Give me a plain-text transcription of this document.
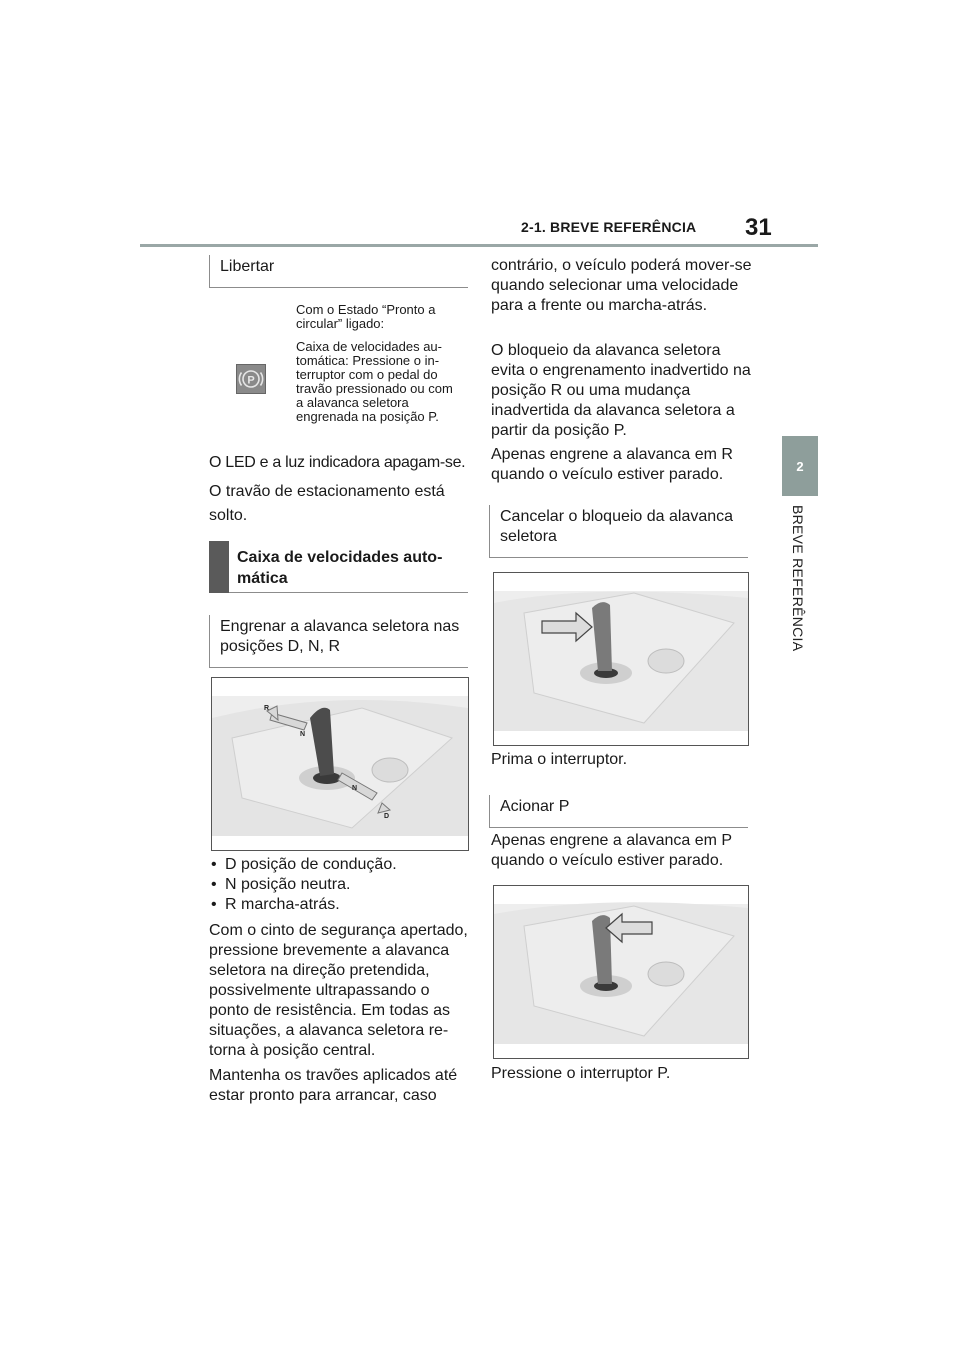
2-1. BREVE REFERÊNCIA 31
2
BREVE REFERÊNCIA
Libertar
P
Com o Estado “Pronto a circular” ligado:
Caixa de velocidades automática: Pressione o interruptor com o pedal do travão pressionado ou com a alavanca seletora engrenada na posição P.
O LED e a luz indicadora apagam-se.
O travão de estacionamento está solto.
Caixa de velocidades automática
Engrenar a alavanca seletora nas posições D, N, R
R
N
N
D
• D posição de condução.
• N posição neutra.
• R marcha-atrás.
Com o cinto de segurança apertado, pressione brevemente a alavanca seletora na direção pretendida, possivelmente ultrapassando o ponto de resistência. Em todas as situações, a alavanca seletora retorna à posição central.
Mantenha os travões aplicados até estar pronto para arrancar, caso
contrário, o veículo poderá mover-se quando selecionar uma velocidade para a frente ou marcha-atrás.
O bloqueio da alavanca seletora evita o engrenamento inadvertido na posição R ou uma mudança inadvertida da alavanca seletora a partir da posição P.
Apenas engrene a alavanca em R quando o veículo estiver parado.
Cancelar o bloqueio da alavanca seletora
Prima o interruptor.
Acionar P
Apenas engrene a alavanca em P quando o veículo estiver parado.
Pressione o interruptor P.
